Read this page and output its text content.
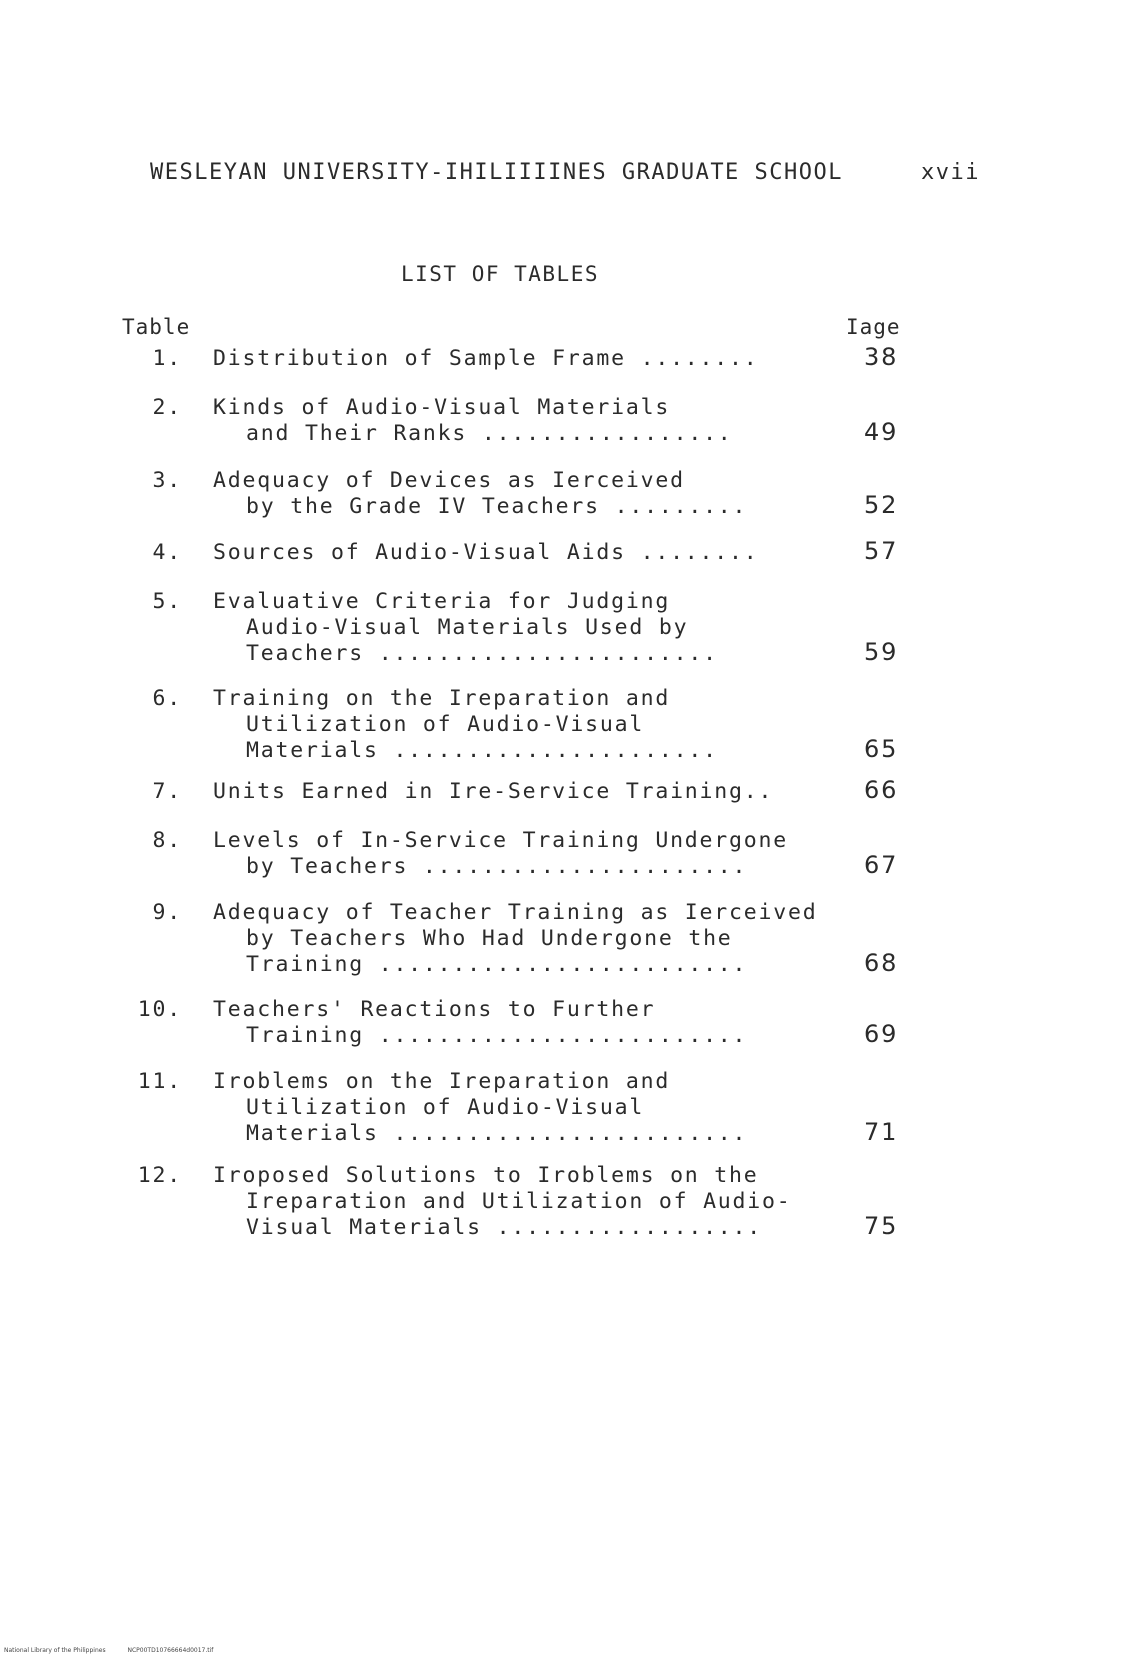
WESLEYAN UNIVERSITY-IHILIIIINES GRADUATE SCHOOL	xvii
LIST OF TABLES
Table	Iage
1. Distribution of Sample Frame ........	38
2. Kinds of Audio-Visual Materials
and Their Ranks .................	49
3. Adequacy of Devices as Ierceived
by the Grade IV Teachers .........	52
4. Sources of Audio-Visual Aids ........	57
5. Evaluative Criteria for Judging
Audio-Visual Materials Used by
Teachers .......................	59
6. Training on the Ireparation and
Utilization of Audio-Visual
Materials ......................	65
7. Units Earned in Ire-Service Training..	66
8. Levels of In-Service Training Undergone
by Teachers ......................	67
9. Adequacy of Teacher Training as Ierceived
by Teachers Who Had Undergone the
Training .........................	68
10. Teachers' Reactions to Further
Training .........................	69
11. Iroblems on the Ireparation and
Utilization of Audio-Visual
Materials ........................	71
12. Iroposed Solutions to Iroblems on the
Ireparation and Utilization of Audio-
Visual Materials ..................	75
National Library of the Philippines	NCP00TD10766664d0017.tif
